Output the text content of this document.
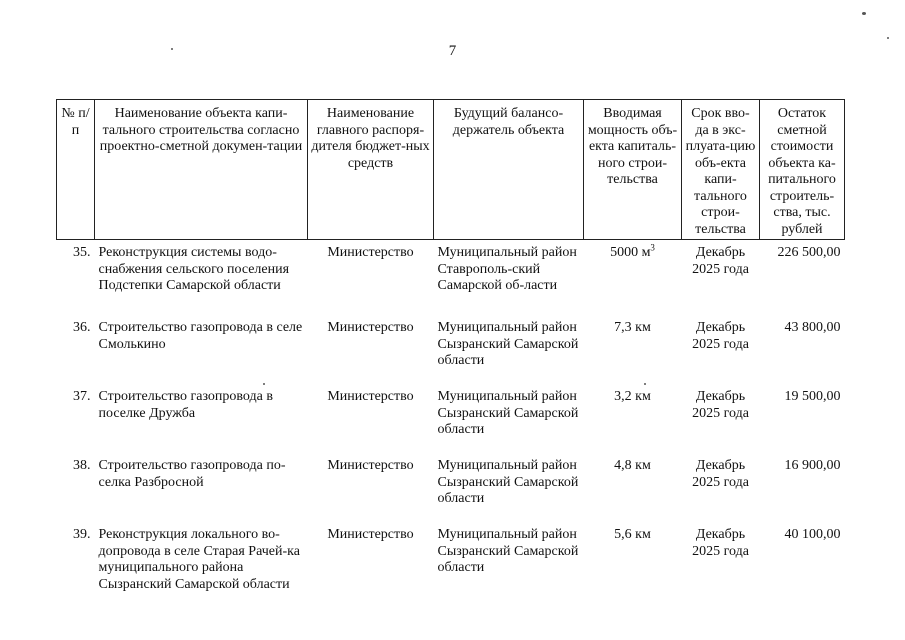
7
№ п/п	Наименование объекта капи-тального строительства согласно проектно-сметной докумен-тации	Наименование главного распоря-дителя бюджет-ных средств	Будущий балансо-держатель объекта	Вводимая мощность объ-екта капиталь-ного строи-тельства	Срок вво-да в экс-плуата-цию объ-екта капи-тального строи-тельства	Остаток сметной стоимости объекта ка-питального строитель-ства, тыс. рублей
35.	Реконструкция системы водо-снабжения сельского поселения Подстепки Самарской области	Министерство	Муниципальный район Ставрополь-ский Самарской об-ласти	5000 $м^3$	Декабрь 2025 года	226 500,00
36.	Строительство газопровода в селе Смолькино	Министерство	Муниципальный район Сызранский Самарской области	7,3 км	Декабрь 2025 года	43 800,00
37.	Строительство газопровода в поселке Дружба	Министерство	Муниципальный район Сызранский Самарской области	3,2 км	Декабрь 2025 года	19 500,00
38.	Строительство газопровода по-селка Разбросной	Министерство	Муниципальный район Сызранский Самарской области	4,8 км	Декабрь 2025 года	16 900,00
39.	Реконструкция локального во-допровода в селе Старая Рачей-ка муниципального района Сызранский Самарской области	Министерство	Муниципальный район Сызранский Самарской области	5,6 км	Декабрь 2025 года	40 100,00
